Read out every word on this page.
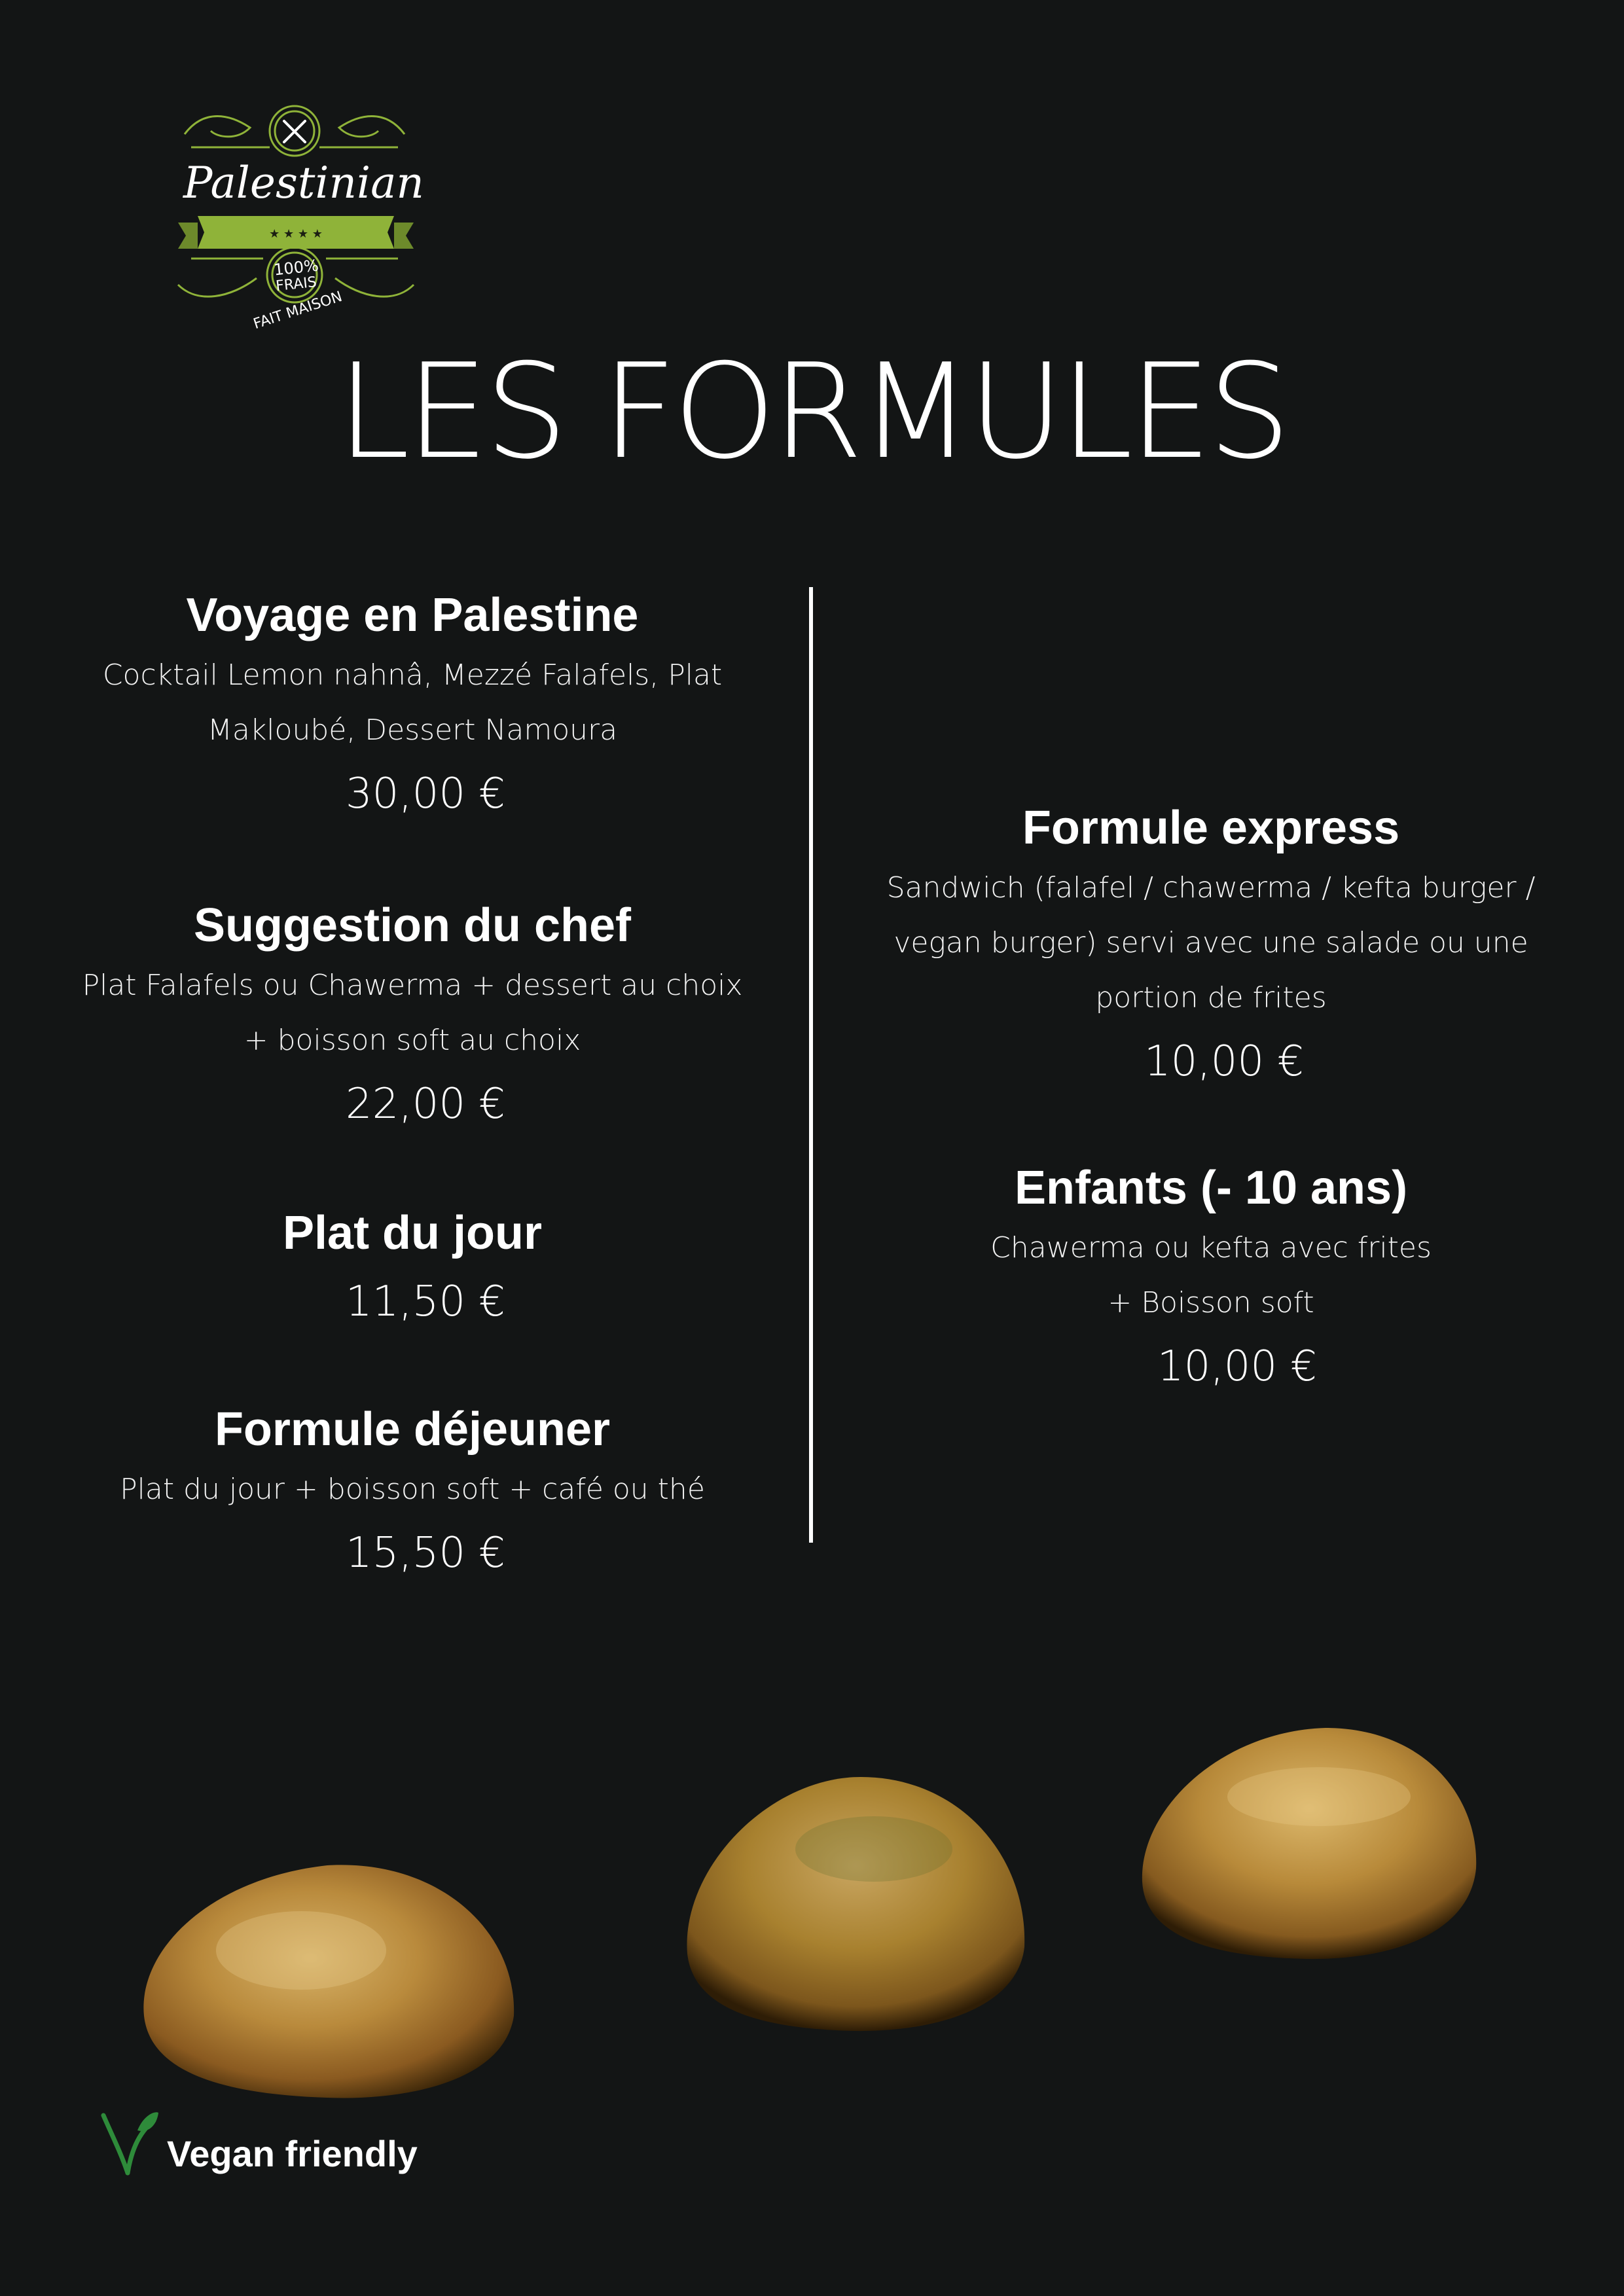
★ ★ ★ ★
Palestinian
100%
FRAIS
FAIT MAISON
LES FORMULES
Voyage en Palestine
Cocktail Lemon nahnâ, Mezzé Falafels, Plat
Makloubé, Dessert Namoura
30,00 €
Suggestion du chef
Plat Falafels ou Chawerma + dessert au choix
+ boisson soft au choix
22,00 €
Plat du jour
11,50 €
Formule déjeuner
Plat du jour + boisson soft + café ou thé
15,50 €
Formule express
Sandwich (falafel / chawerma / kefta burger /
vegan burger) servi avec une salade ou une
portion de frites
10,00 €
Enfants (- 10 ans)
Chawerma ou kefta avec frites
+ Boisson soft
10,00 €
Vegan friendly
